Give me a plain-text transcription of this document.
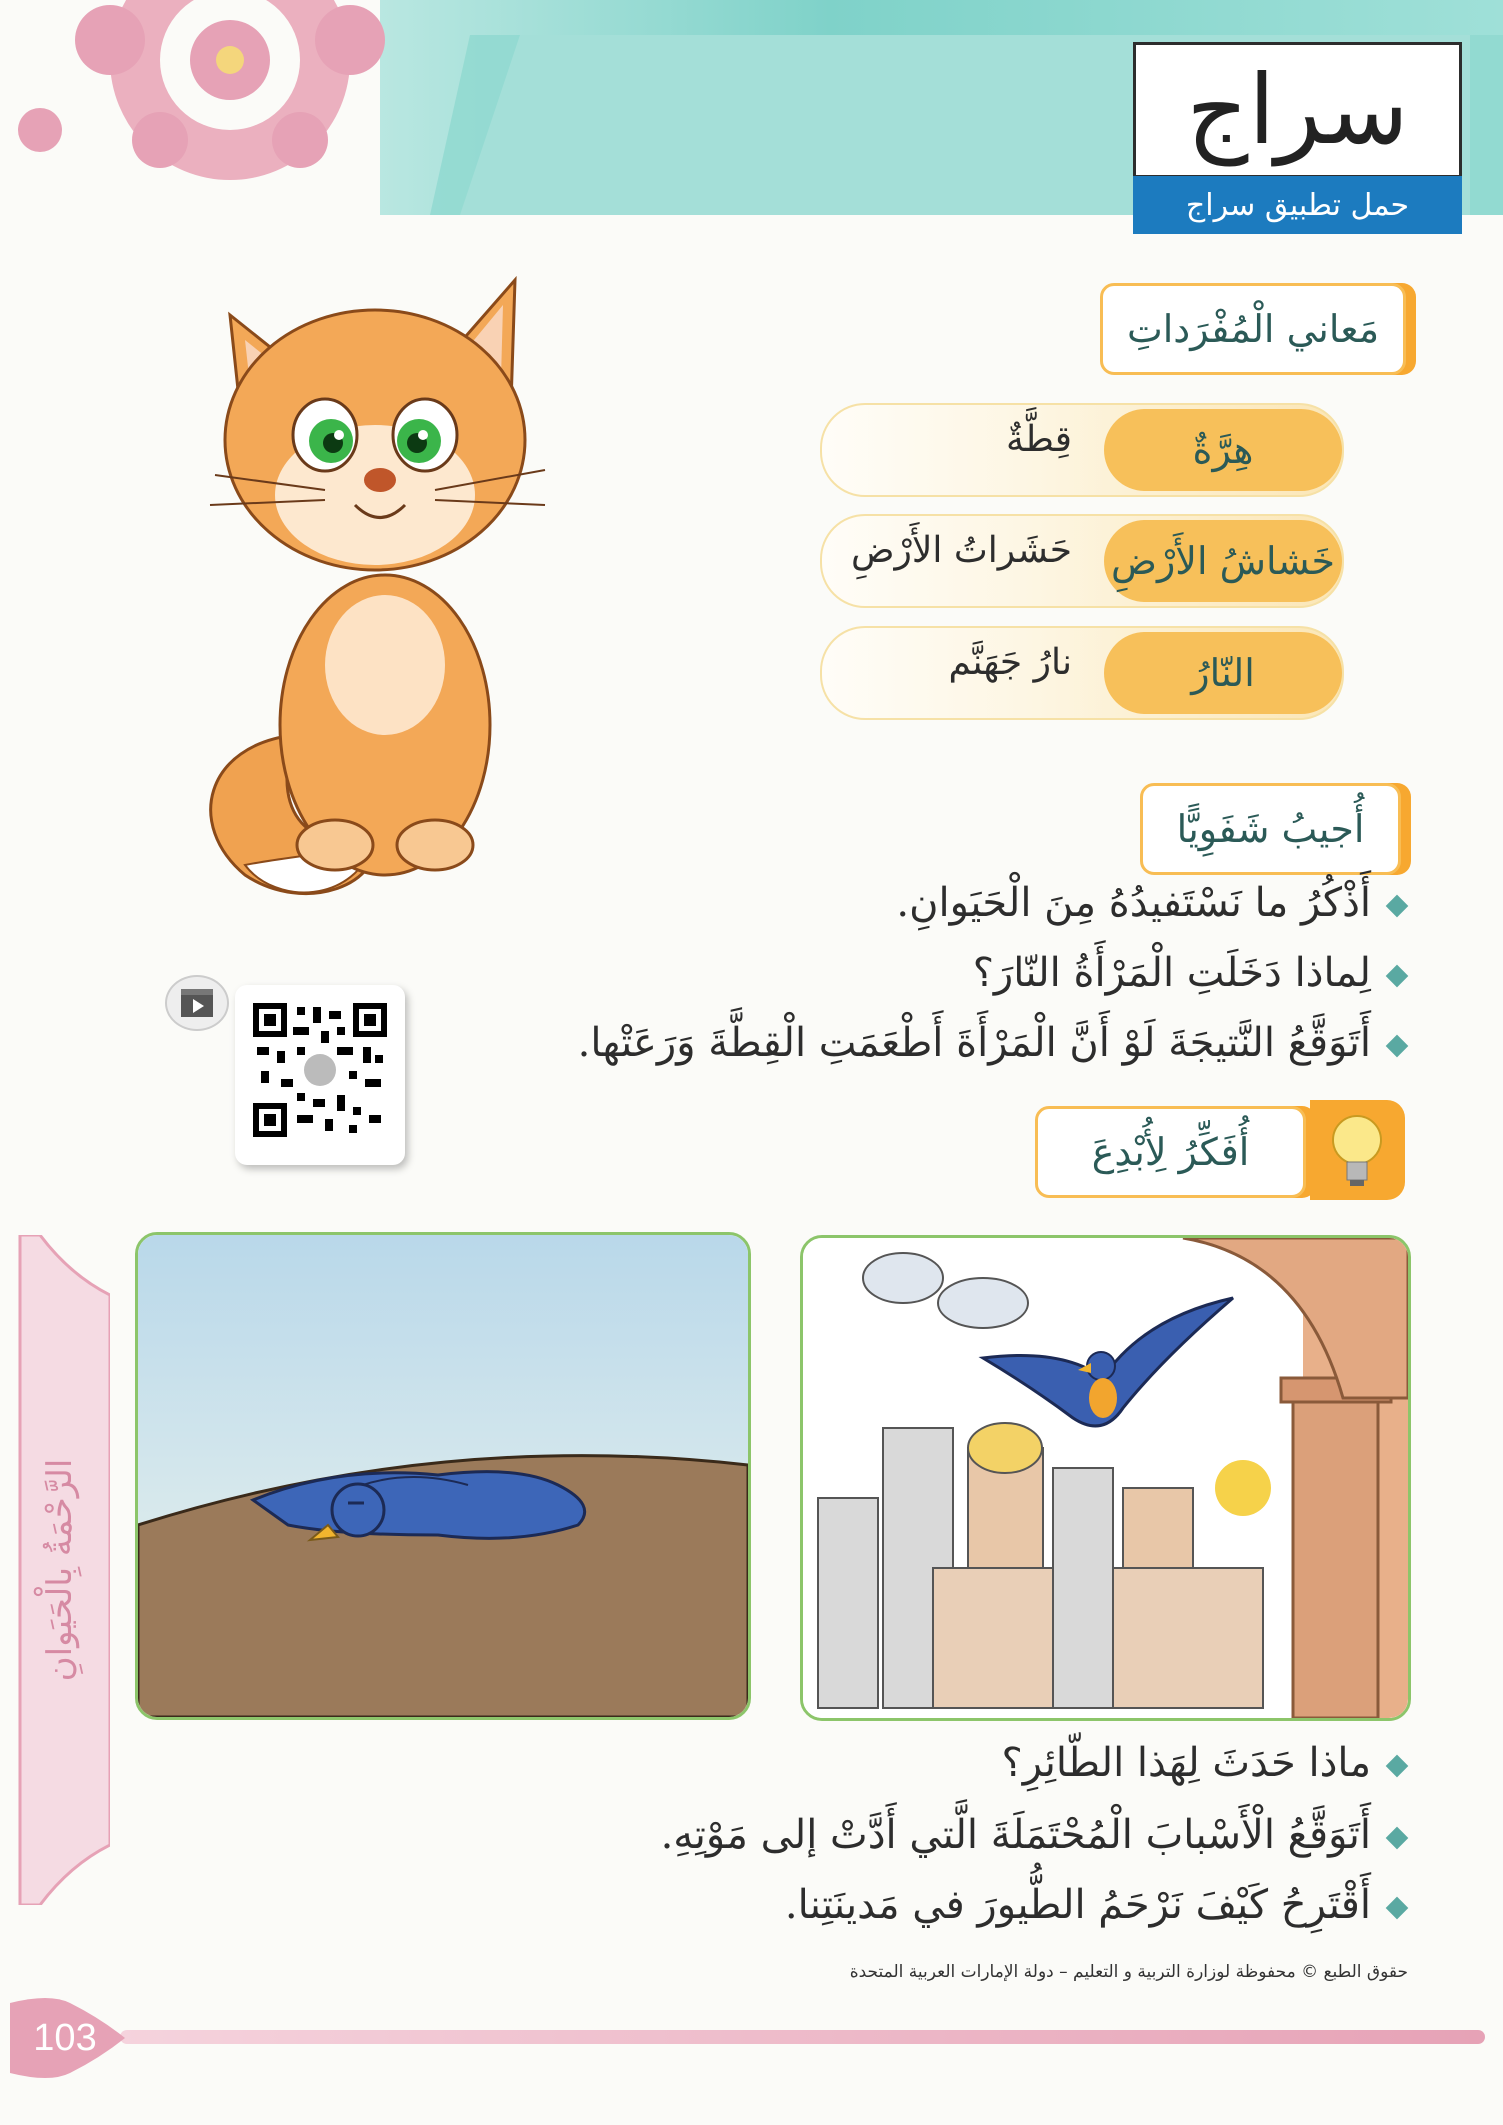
سراج
حمل تطبيق سراج
مَعاني الْمُفْرَداتِ
هِرَّةٌ
قِطَّةٌ
خَشاشُ الأَرْضِ
حَشَراتُ الأَرْضِ
النّارُ
نارُ جَهَنَّم
أُجيبُ شَفَوِيًّا
أَذْكُرُ ما نَسْتَفيدُهُ مِنَ الْحَيَوانِ.
لِماذا دَخَلَتِ الْمَرْأَةُ النّارَ؟
أَتَوَقَّعُ النَّتيجَةَ لَوْ أَنَّ الْمَرْأَةَ أَطْعَمَتِ الْقِطَّةَ وَرَعَتْها.
أُفَكِّرُ لِأُبْدِعَ
ماذا حَدَثَ لِهَذا الطّائِرِ؟
أَتَوَقَّعُ الْأَسْبابَ الْمُحْتَمَلَةَ الَّتي أَدَّتْ إلى مَوْتِهِ.
أَقْتَرِحُ كَيْفَ نَرْحَمُ الطُّيورَ في مَدينَتِنا.
الرَّحْمَةُ بِالْحَيَوانِ
حقوق الطبع © محفوظة لوزارة التربية و التعليم – دولة الإمارات العربية المتحدة
103
